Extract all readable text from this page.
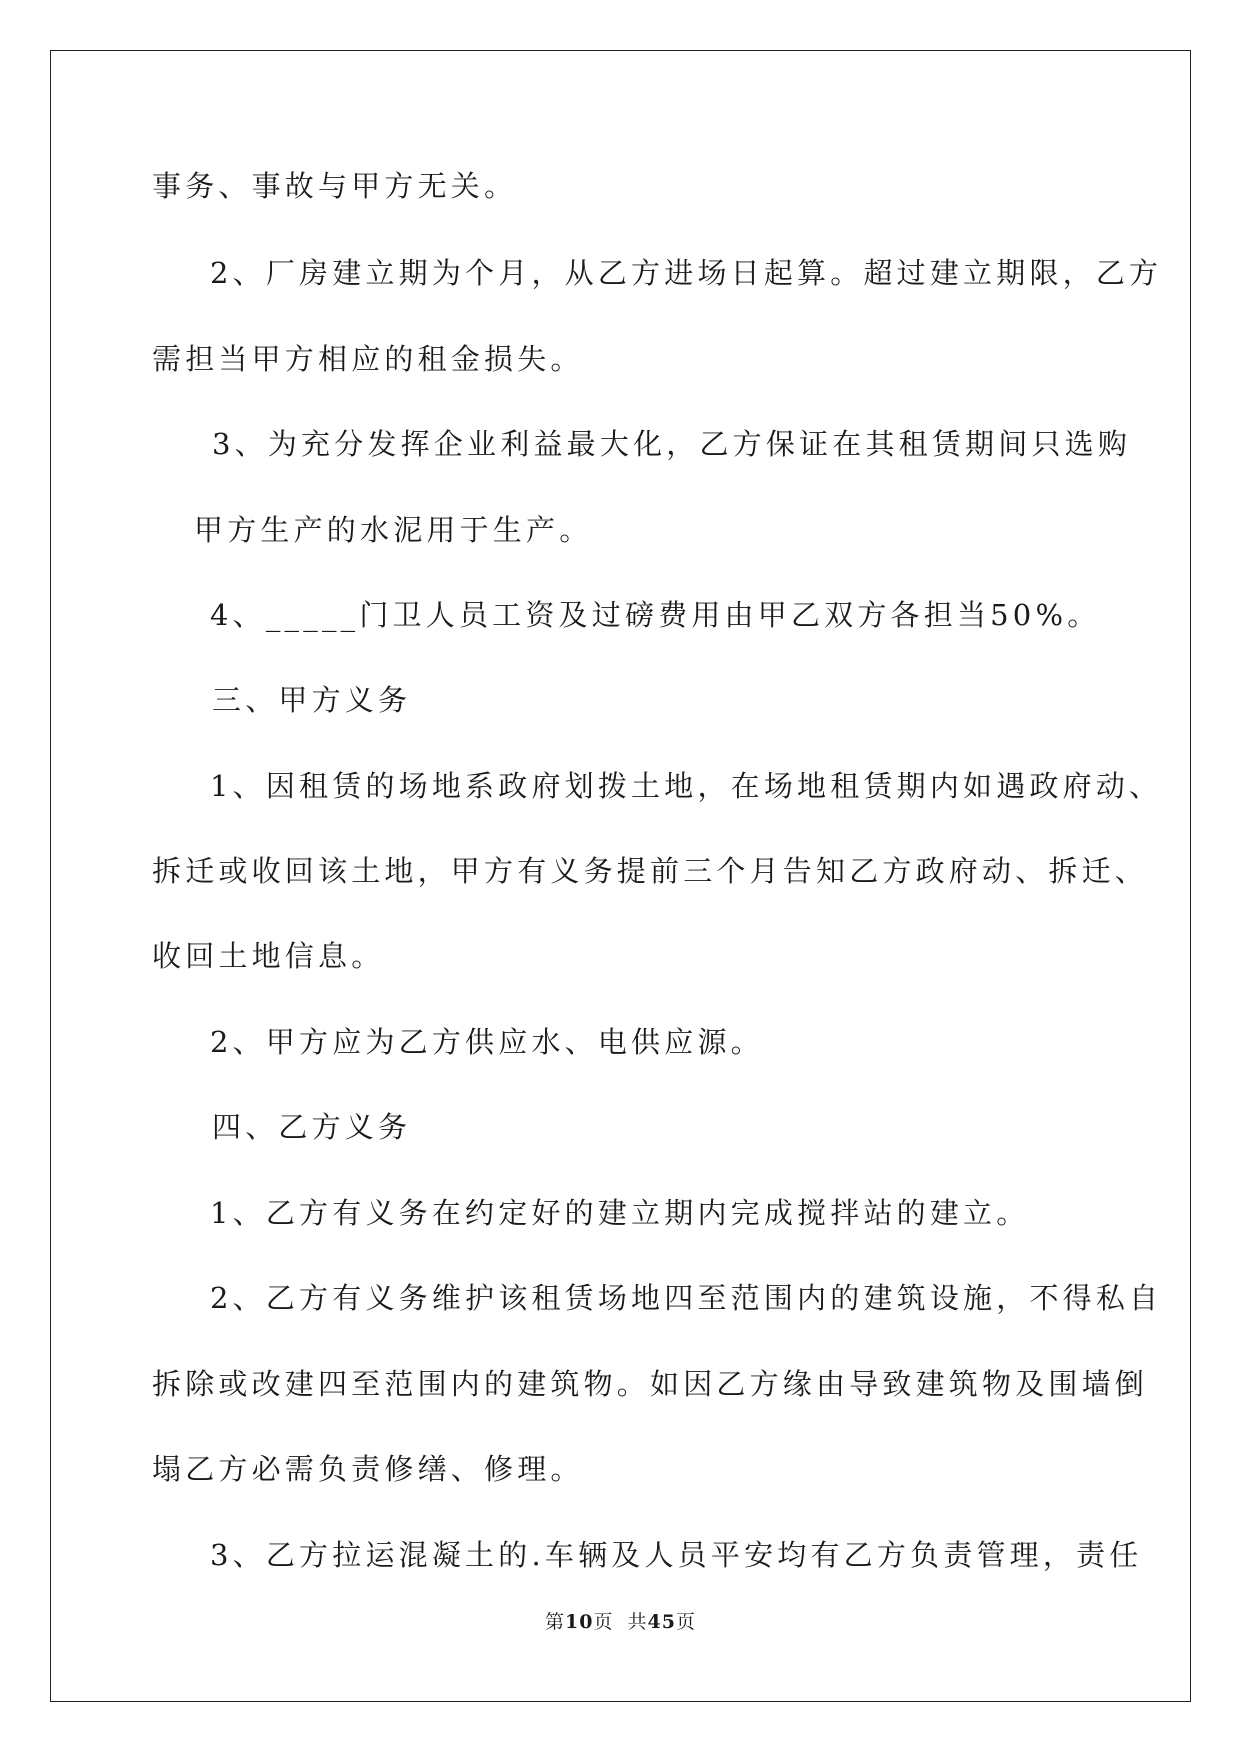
事务、事故与甲方无关。
2、厂房建立期为个月，从乙方进场日起算。超过建立期限，乙方
需担当甲方相应的租金损失。
3、为充分发挥企业利益最大化，乙方保证在其租赁期间只选购
甲方生产的水泥用于生产。
4、_____门卫人员工资及过磅费用由甲乙双方各担当50%。
三、甲方义务
1、因租赁的场地系政府划拨土地，在场地租赁期内如遇政府动、
拆迁或收回该土地，甲方有义务提前三个月告知乙方政府动、拆迁、
收回土地信息。
2、甲方应为乙方供应水、电供应源。
四、乙方义务
1、乙方有义务在约定好的建立期内完成搅拌站的建立。
2、乙方有义务维护该租赁场地四至范围内的建筑设施，不得私自
拆除或改建四至范围内的建筑物。如因乙方缘由导致建筑物及围墙倒
塌乙方必需负责修缮、修理。
3、乙方拉运混凝土的.车辆及人员平安均有乙方负责管理，责任
第10页  共45页
